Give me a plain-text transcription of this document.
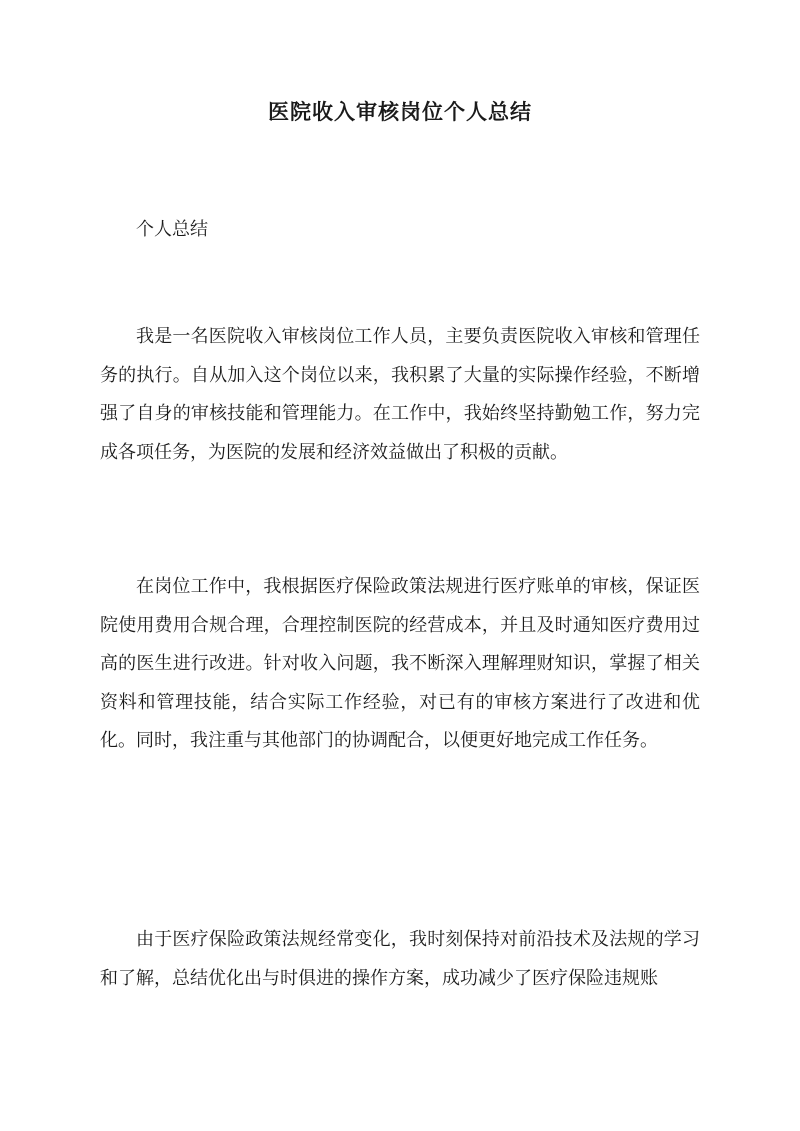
医院收入审核岗位个人总结
个人总结

我是一名医院收入审核岗位工作人员，主要负责医院收入审核和管理任务的执行。自从加入这个岗位以来，我积累了大量的实际操作经验，不断增强了自身的审核技能和管理能力。在工作中，我始终坚持勤勉工作，努力完成各项任务，为医院的发展和经济效益做出了积极的贡献。

在岗位工作中，我根据医疗保险政策法规进行医疗账单的审核，保证医院使用费用合规合理，合理控制医院的经营成本，并且及时通知医疗费用过高的医生进行改进。针对收入问题，我不断深入理解理财知识，掌握了相关资料和管理技能，结合实际工作经验，对已有的审核方案进行了改进和优化。同时，我注重与其他部门的协调配合，以便更好地完成工作任务。

由于医疗保险政策法规经常变化，我时刻保持对前沿技术及法规的学习和了解，总结优化出与时俱进的操作方案，成功减少了医疗保险违规账
